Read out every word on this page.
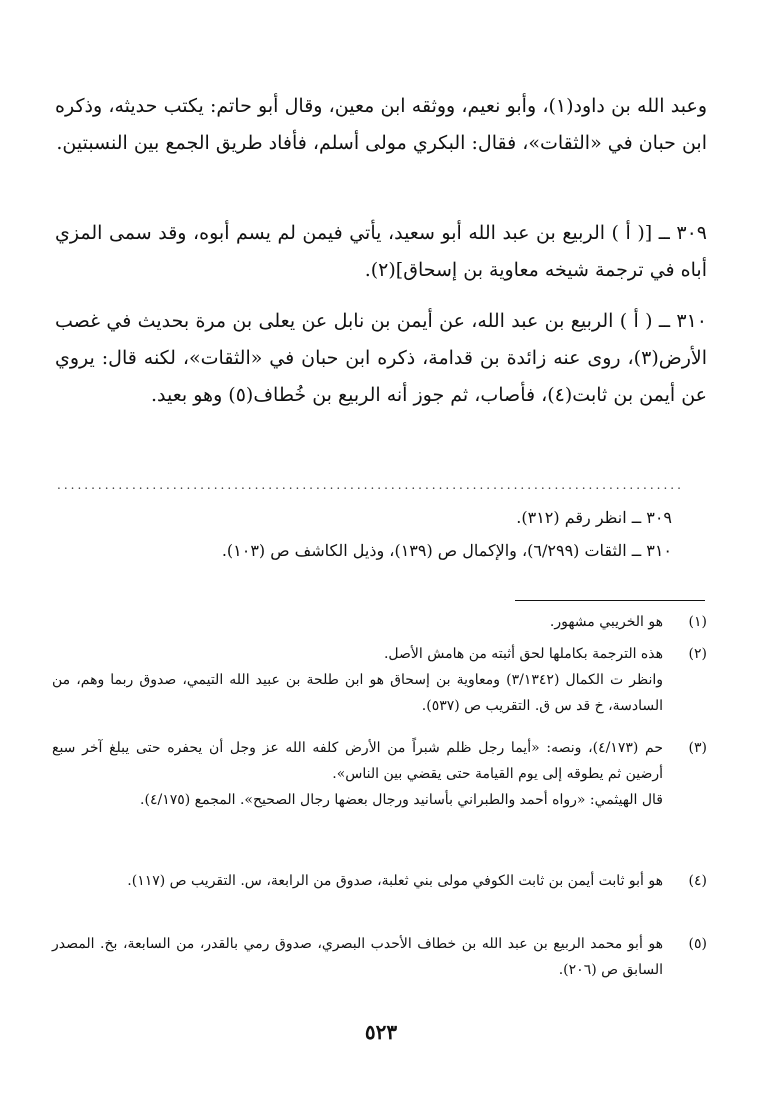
وعبد الله بن داود(١)، وأبو نعيم، ووثقه ابن معين، وقال أبو حاتم: يكتب حديثه، وذكره ابن حبان في «الثقات»، فقال: البكري مولى أسلم، فأفاد طريق الجمع بين النسبتين.

٣٠٩ ــ [( أ ) الربيع بن عبد الله أبو سعيد، يأتي فيمن لم يسم أبوه، وقد سمى المزي أباه في ترجمة شيخه معاوية بن إسحاق](٢).

٣١٠ ــ ( أ ) الربيع بن عبد الله، عن أيمن بن نابل عن يعلى بن مرة بحديث في غصب الأرض(٣)، روى عنه زائدة بن قدامة، ذكره ابن حبان في «الثقات»، لكنه قال: يروي عن أيمن بن ثابت(٤)، فأصاب، ثم جوز أنه الربيع بن خُطاف(٥) وهو بعيد.

............................................................................................

٣٠٩ ــ انظر رقم (٣١٢).

٣١٠ ــ الثقات (٦/٢٩٩)، والإكمال ص (١٣٩)، وذيل الكاشف ص (١٠٣).

(١)
هو الخريبي مشهور.
(٢)
هذه الترجمة بكاملها لحق أثبته من هامش الأصل.
وانظر ت الكمال (٣/١٣٤٢) ومعاوية بن إسحاق هو ابن طلحة بن عبيد الله التيمي، صدوق ربما وهم، من السادسة، خ قد س ق. التقريب ص (٥٣٧).
(٣)
حم (٤/١٧٣)، ونصه: «أيما رجل ظلم شبراً من الأرض كلفه الله عز وجل أن يحفره حتى يبلغ آخر سبع أرضين ثم يطوقه إلى يوم القيامة حتى يقضي بين الناس».
قال الهيثمي: «رواه أحمد والطبراني بأسانيد ورجال بعضها رجال الصحيح». المجمع (٤/١٧٥).
(٤)
هو أبو ثابت أيمن بن ثابت الكوفي مولى بني ثعلبة، صدوق من الرابعة، س. التقريب ص (١١٧).
(٥)
هو أبو محمد الربيع بن عبد الله بن خطاف الأحدب البصري، صدوق رمي بالقدر، من السابعة، بخ. المصدر السابق ص (٢٠٦).
٥٢٣
